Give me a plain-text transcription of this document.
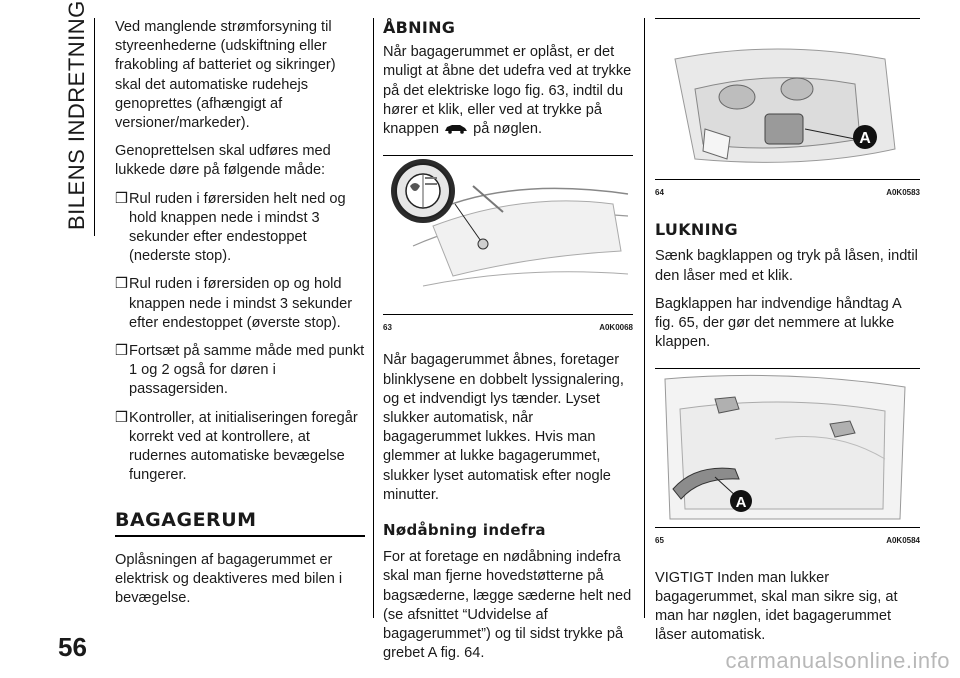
BILENS INDRETNING
56	carmanualsonline.info

Ved manglende strømforsyning til styreenhederne (udskiftning eller frakobling af batteriet og sikringer) skal det automatiske rudehejs genoprettes (afhængigt af versioner/markeder).

Genoprettelsen skal udføres med lukkede døre på følgende måde:

❒ Rul ruden i førersiden helt ned og hold knappen nede i mindst 3 sekunder efter endestoppet (nederste stop).
❒ Rul ruden i førersiden op og hold knappen nede i mindst 3 sekunder efter endestoppet (øverste stop).
❒ Fortsæt på samme måde med punkt 1 og 2 også for døren i passagersiden.
❒ Kontroller, at initialiseringen foregår korrekt ved at kontrollere, at rudernes automatiske bevægelse fungerer.
BAGAGERUM

Oplåsningen af bagagerummet er elektrisk og deaktiveres med bilen i bevægelse.

ÅBNING

Når bagagerummet er oplåst, er det muligt at åbne det udefra ved at trykke på det elektriske logo fig. 63, indtil du hører et klik, eller ved at trykke på knappen på nøglen.

63	A0K0068

Når bagagerummet åbnes, foretager blinklysene en dobbelt lyssignalering, og et indvendigt lys tænder. Lyset slukker automatisk, når bagagerummet lukkes. Hvis man glemmer at lukke bagagerummet, slukker lyset automatisk efter nogle minutter.

Nødåbning indefra

For at foretage en nødåbning indefra skal man fjerne hovedstøtterne på bagsæderne, lægge sæderne helt ned (se afsnittet “Udvidelse af bagagerummet”) og til sidst trykke på grebet A fig. 64.

A
64	A0K0583
LUKNING

Sænk bagklappen og tryk på låsen, indtil den låser med et klik.

Bagklappen har indvendige håndtag A fig. 65, der gør det nemmere at lukke klappen.

A
65	A0K0584

VIGTIGT Inden man lukker bagagerummet, skal man sikre sig, at man har nøglen, idet bagagerummet låser automatisk.
